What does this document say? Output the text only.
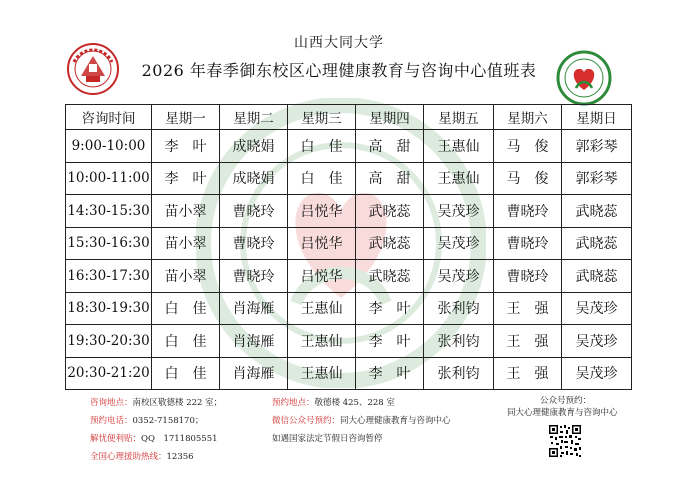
山西大同大学
2026 年春季御东校区心理健康教育与咨询中心值班表
咨询时间	星期一	星期二	星期三	星期四	星期五	星期六	星期日
9:00-10:00	李　叶	成晓娟	白　佳	高　甜	王惠仙	马　俊	郭彩琴
10:00-11:00	李　叶	成晓娟	白　佳	高　甜	王惠仙	马　俊	郭彩琴
14:30-15:30	苗小翠	曹晓玲	吕悦华	武晓蕊	吴茂珍	曹晓玲	武晓蕊
15:30-16:30	苗小翠	曹晓玲	吕悦华	武晓蕊	吴茂珍	曹晓玲	武晓蕊
16:30-17:30	苗小翠	曹晓玲	吕悦华	武晓蕊	吴茂珍	曹晓玲	武晓蕊
18:30-19:30	白　佳	肖海雁	王惠仙	李　叶	张利钧	王　强	吴茂珍
19:30-20:30	白　佳	肖海雁	王惠仙	李　叶	张利钧	王　强	吴茂珍
20:30-21:20	白　佳	肖海雁	王惠仙	李　叶	张利钧	王　强	吴茂珍
咨询地点：南校区敬德楼 222 室；
预约电话：0352-7158170；
解忧便利贴：QQ　1711805551
全国心理援助热线：12356
预约地点：敬德楼 425、228 室
微信公众号预约：同大心理健康教育与咨询中心
如遇国家法定节假日咨询暂停
公众号预约：
同大心理健康教育与咨询中心
